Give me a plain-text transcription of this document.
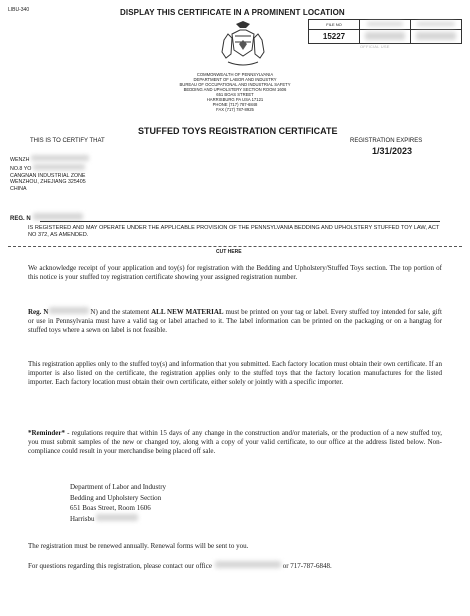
LIBU-340	DISPLAY THIS CERTIFICATE IN A PROMINENT LOCATION
FILE NO		
15227		
OFFICIAL USE
COMMONWEALTH OF PENNSYLVANIA
DEPARTMENT OF LABOR AND INDUSTRY
BUREAU OF OCCUPATIONAL AND INDUSTRIAL SAFETY
BEDDING AND UPHOLSTERY SECTION ROOM 1606
651 BOAS STREET
HARRISBURG PA USA 17121
PHONE (717) 787-6848
FAX (717) 787-8925
STUFFED TOYS REGISTRATION CERTIFICATE
THIS IS TO CERTIFY THAT	REGISTRATION EXPIRES
1/31/2023
WENZH
NO.8 YO
CANGNAN INDUSTRIAL ZONE
WENZHOU, ZHEJIANG 325405
CHINA
REG. N
IS REGISTERED AND MAY OPERATE UNDER THE APPLICABLE PROVISION OF THE PENNSYLVANIA BEDDING AND UPHOLSTERY STUFFED TOY LAW, ACT NO 372, AS AMENDED.
CUT HERE
We acknowledge receipt of your application and toy(s) for registration with the Bedding and Upholstery/Stuffed Toys section. The top portion of this notice is your stuffed toy registration certificate showing your assigned registration number.
Reg. N	N) and the statement ALL NEW MATERIAL must be printed on your tag or label. Every stuffed toy intended for sale, gift or use in Pennsylvania must have a valid tag or label attached to it. The label information can be printed on the packaging or on a hangtag for stuffed toys where a sewn on label is not feasible.
This registration applies only to the stuffed toy(s) and information that you submitted. Each factory location must obtain their own certificate. If an importer is also listed on the certificate, the registration applies only to the stuffed toys that the factory location manufactures for the listed importer. Each factory location must obtain their own certificate, either solely or jointly with a specific importer.
*Reminder* - regulations require that within 15 days of any change in the construction and/or materials, or the production of a new stuffed toy, you must submit samples of the new or changed toy, along with a copy of your valid certificate, to our office at the address listed below. Non-compliance could result in your merchandise being placed off sale.
Department of Labor and Industry
Bedding and Upholstery Section
651 Boas Street, Room 1606
Harrisbu
The registration must be renewed annually. Renewal forms will be sent to you.
For questions regarding this registration, please contact our office	or 717-787-6848.
